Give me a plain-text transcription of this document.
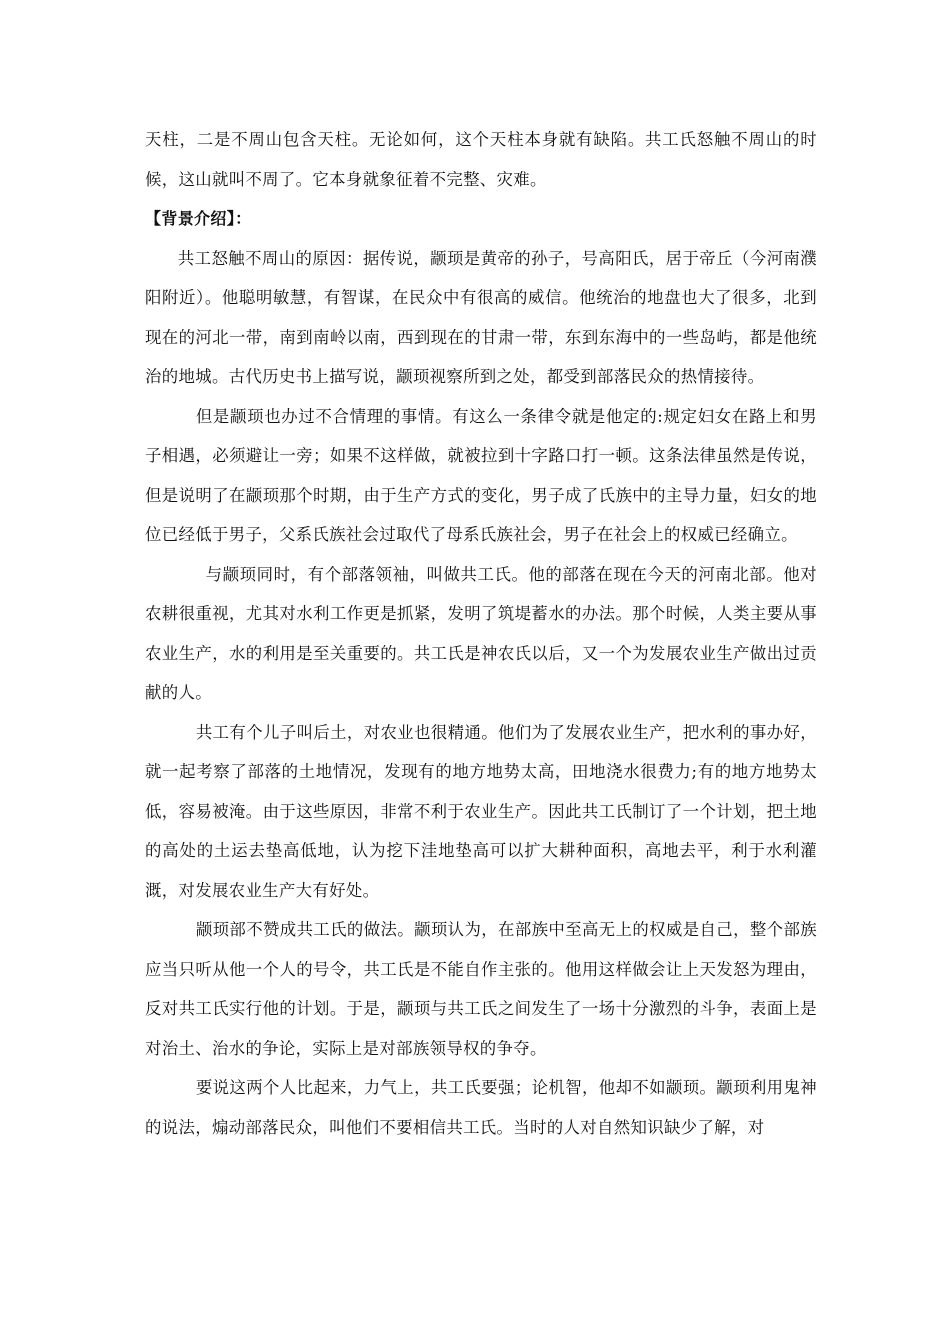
天柱，二是不周山包含天柱。无论如何，这个天柱本身就有缺陷。共工氏怒触不周山的时候，这山就叫不周了。它本身就象征着不完整、灾难。

【背景介绍】：

共工怒触不周山的原因：据传说，颛顼是黄帝的孙子，号高阳氏，居于帝丘（今河南濮阳附近）。他聪明敏慧，有智谋，在民众中有很高的威信。他统治的地盘也大了很多，北到现在的河北一带，南到南岭以南，西到现在的甘肃一带，东到东海中的一些岛屿，都是他统治的地城。古代历史书上描写说，颛顼视察所到之处，都受到部落民众的热情接待。

但是颛顼也办过不合情理的事情。有这么一条律令就是他定的:规定妇女在路上和男子相遇，必须避让一旁；如果不这样做，就被拉到十字路口打一顿。这条法律虽然是传说，但是说明了在颛顼那个时期，由于生产方式的变化，男子成了氏族中的主导力量，妇女的地位已经低于男子，父系氏族社会过取代了母系氏族社会，男子在社会上的权威已经确立。

与颛顼同时，有个部落领袖，叫做共工氏。他的部落在现在今天的河南北部。他对农耕很重视，尤其对水利工作更是抓紧，发明了筑堤蓄水的办法。那个时候，人类主要从事农业生产，水的利用是至关重要的。共工氏是神农氏以后，又一个为发展农业生产做出过贡献的人。

共工有个儿子叫后土，对农业也很精通。他们为了发展农业生产，把水利的事办好，就一起考察了部落的土地情况，发现有的地方地势太高，田地浇水很费力;有的地方地势太低，容易被淹。由于这些原因，非常不利于农业生产。因此共工氏制订了一个计划，把土地的高处的土运去垫高低地，认为挖下洼地垫高可以扩大耕种面积，高地去平，利于水利灌溉，对发展农业生产大有好处。

颛顼部不赞成共工氏的做法。颛顼认为，在部族中至高无上的权威是自己，整个部族应当只听从他一个人的号令，共工氏是不能自作主张的。他用这样做会让上天发怒为理由，反对共工氏实行他的计划。于是，颛顼与共工氏之间发生了一场十分激烈的斗争，表面上是对治土、治水的争论，实际上是对部族领导权的争夺。

要说这两个人比起来，力气上，共工氏要强；论机智，他却不如颛顼。颛顼利用鬼神的说法，煽动部落民众，叫他们不要相信共工氏。当时的人对自然知识缺少了解，对
